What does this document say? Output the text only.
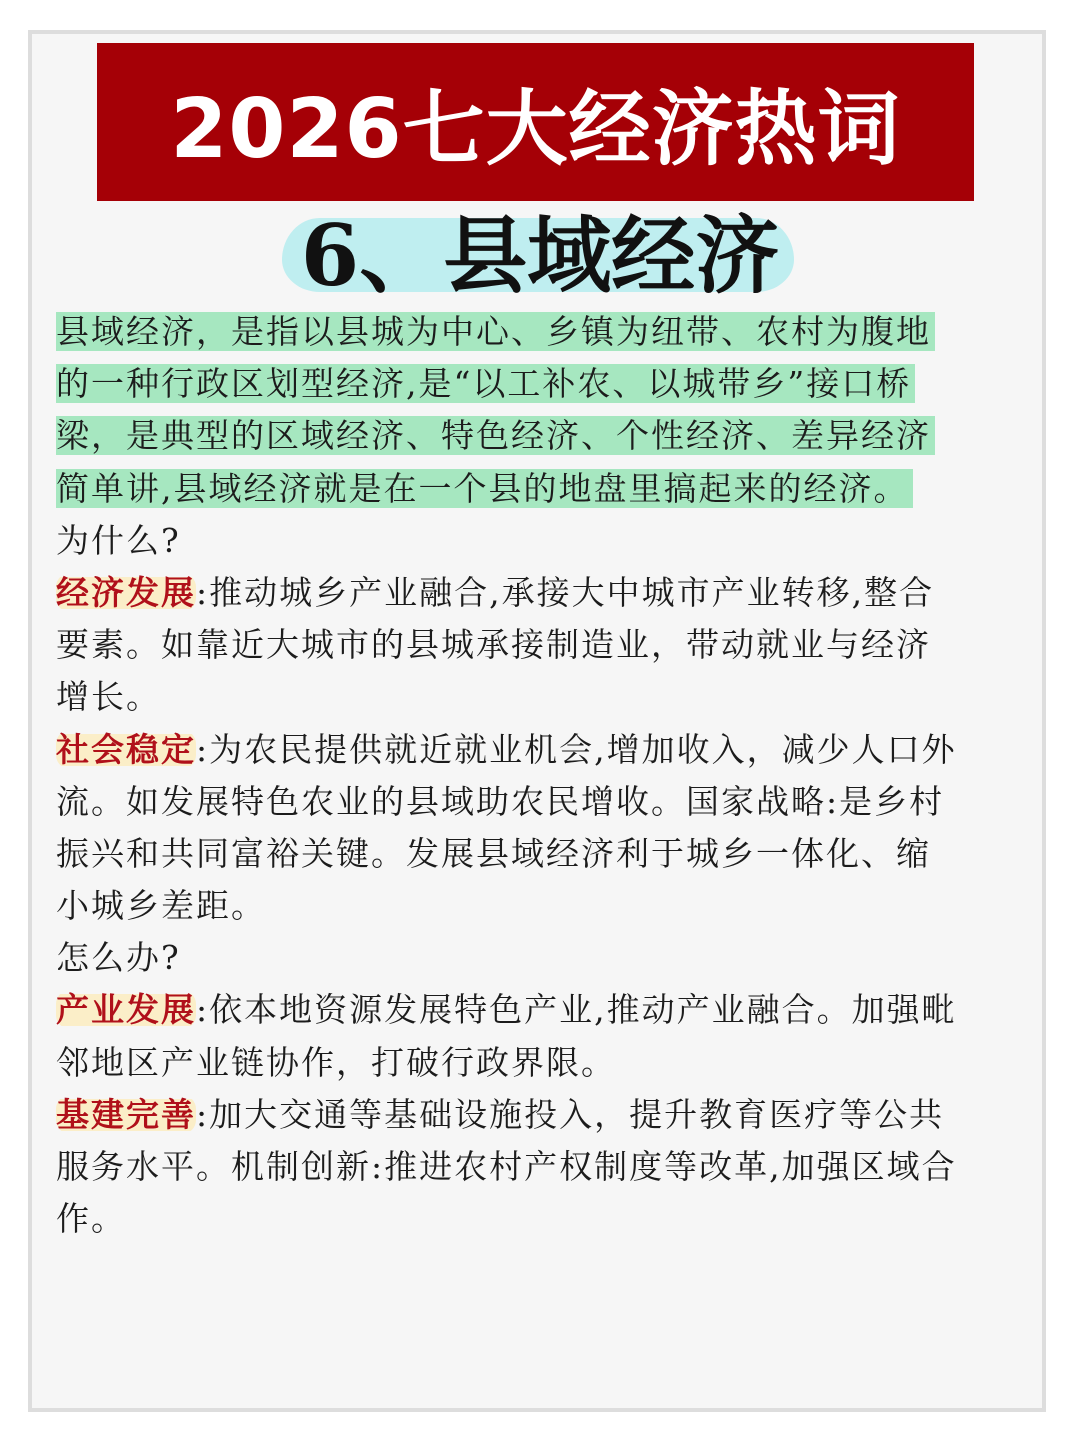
2026七大经济热词
6、县域经济
县域经济，是指以县城为中心、乡镇为纽带、农村为腹地
的一种行政区划型经济,是“以工补农、以城带乡”接口桥
梁，是典型的区域经济、特色经济、个性经济、差异经济
简单讲,县域经济就是在一个县的地盘里搞起来的经济。
为什么?
经济发展:推动城乡产业融合,承接大中城市产业转移,整合
要素。如靠近大城市的县城承接制造业，带动就业与经济
增长。
社会稳定:为农民提供就近就业机会,增加收入，减少人口外
流。如发展特色农业的县域助农民增收。国家战略:是乡村
振兴和共同富裕关键。发展县域经济利于城乡一体化、缩
小城乡差距。
怎么办?
产业发展:依本地资源发展特色产业,推动产业融合。加强毗
邻地区产业链协作，打破行政界限。
基建完善:加大交通等基础设施投入，提升教育医疗等公共
服务水平。机制创新:推进农村产权制度等改革,加强区域合
作。
